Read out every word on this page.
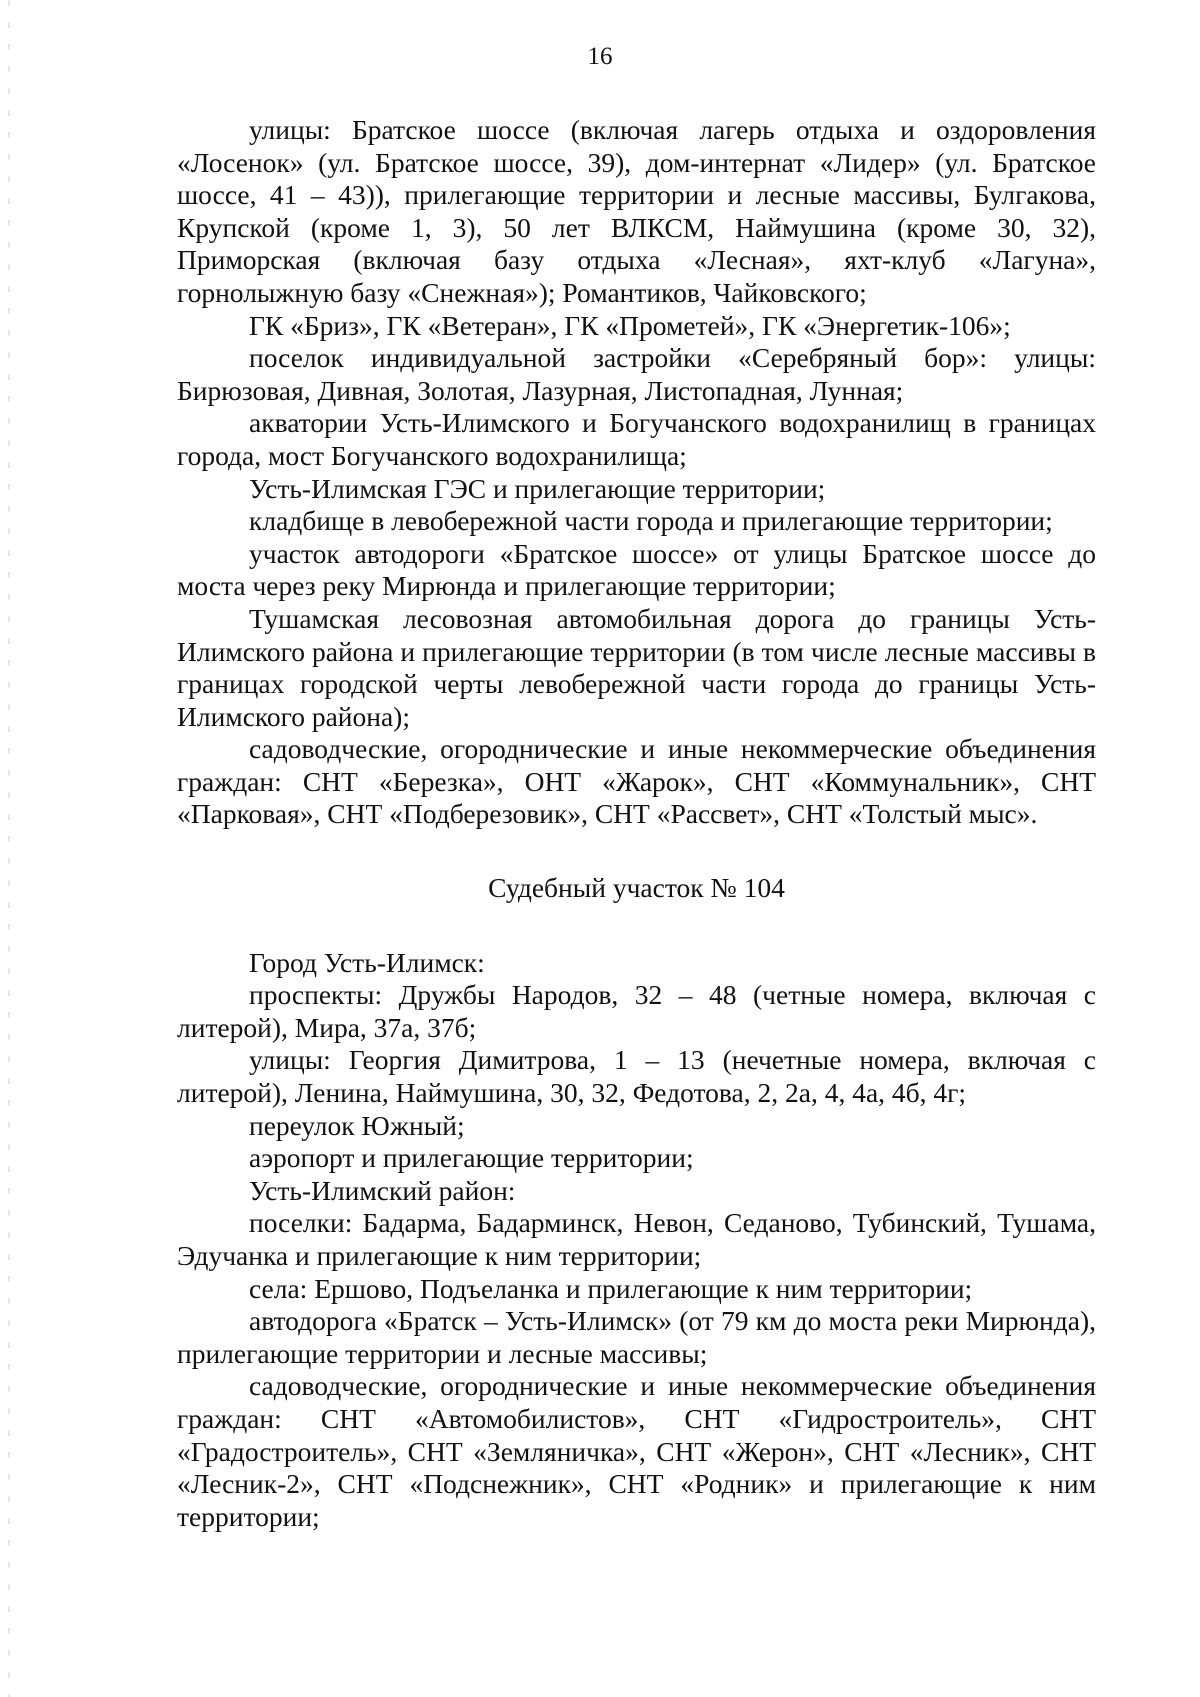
16

улицы: Братское шоссе (включая лагерь отдыха и оздоровления «Лосенок» (ул. Братское шоссе, 39), дом-интернат «Лидер» (ул. Братское шоссе, 41 – 43)), прилегающие территории и лесные массивы, Булгакова, Крупской (кроме 1, 3), 50 лет ВЛКСМ, Наймушина (кроме 30, 32), Приморская (включая базу отдыха «Лесная», яхт-клуб «Лагуна», горнолыжную базу «Снежная»); Романтиков, Чайковского;

ГК «Бриз», ГК «Ветеран», ГК «Прометей», ГК «Энергетик-106»;

поселок индивидуальной застройки «Серебряный бор»: улицы: Бирюзовая, Дивная, Золотая, Лазурная, Листопадная, Лунная;

акватории Усть-Илимского и Богучанского водохранилищ в границах города, мост Богучанского водохранилища;

Усть-Илимская ГЭС и прилегающие территории;

кладбище в левобережной части города и прилегающие территории;

участок автодороги «Братское шоссе» от улицы Братское шоссе до моста через реку Мирюнда и прилегающие территории;

Тушамская лесовозная автомобильная дорога до границы Усть-Илимского района и прилегающие территории (в том числе лесные массивы в границах городской черты левобережной части города до границы Усть-Илимского района);

садоводческие, огороднические и иные некоммерческие объединения граждан: СНТ «Березка», ОНТ «Жарок», СНТ «Коммунальник», СНТ «Парковая», СНТ «Подберезовик», СНТ «Рассвет», СНТ «Толстый мыс».

Судебный участок № 104

Город Усть-Илимск:

проспекты: Дружбы Народов, 32 – 48 (четные номера, включая с литерой), Мира, 37а, 37б;

улицы: Георгия Димитрова, 1 – 13 (нечетные номера, включая с литерой), Ленина, Наймушина, 30, 32, Федотова, 2, 2а, 4, 4а, 4б, 4г;

переулок Южный;

аэропорт и прилегающие территории;

Усть-Илимский район:

поселки: Бадарма, Бадарминск, Невон, Седаново, Тубинский, Тушама, Эдучанка и прилегающие к ним территории;

села: Ершово, Подъеланка и прилегающие к ним территории;

автодорога «Братск – Усть-Илимск» (от 79 км до моста реки Мирюнда), прилегающие территории и лесные массивы;

садоводческие, огороднические и иные некоммерческие объединения граждан: СНТ «Автомобилистов», СНТ «Гидростроитель», СНТ «Градостроитель», СНТ «Земляничка», СНТ «Жерон», СНТ «Лесник», СНТ «Лесник-2», СНТ «Подснежник», СНТ «Родник» и прилегающие к ним территории;
